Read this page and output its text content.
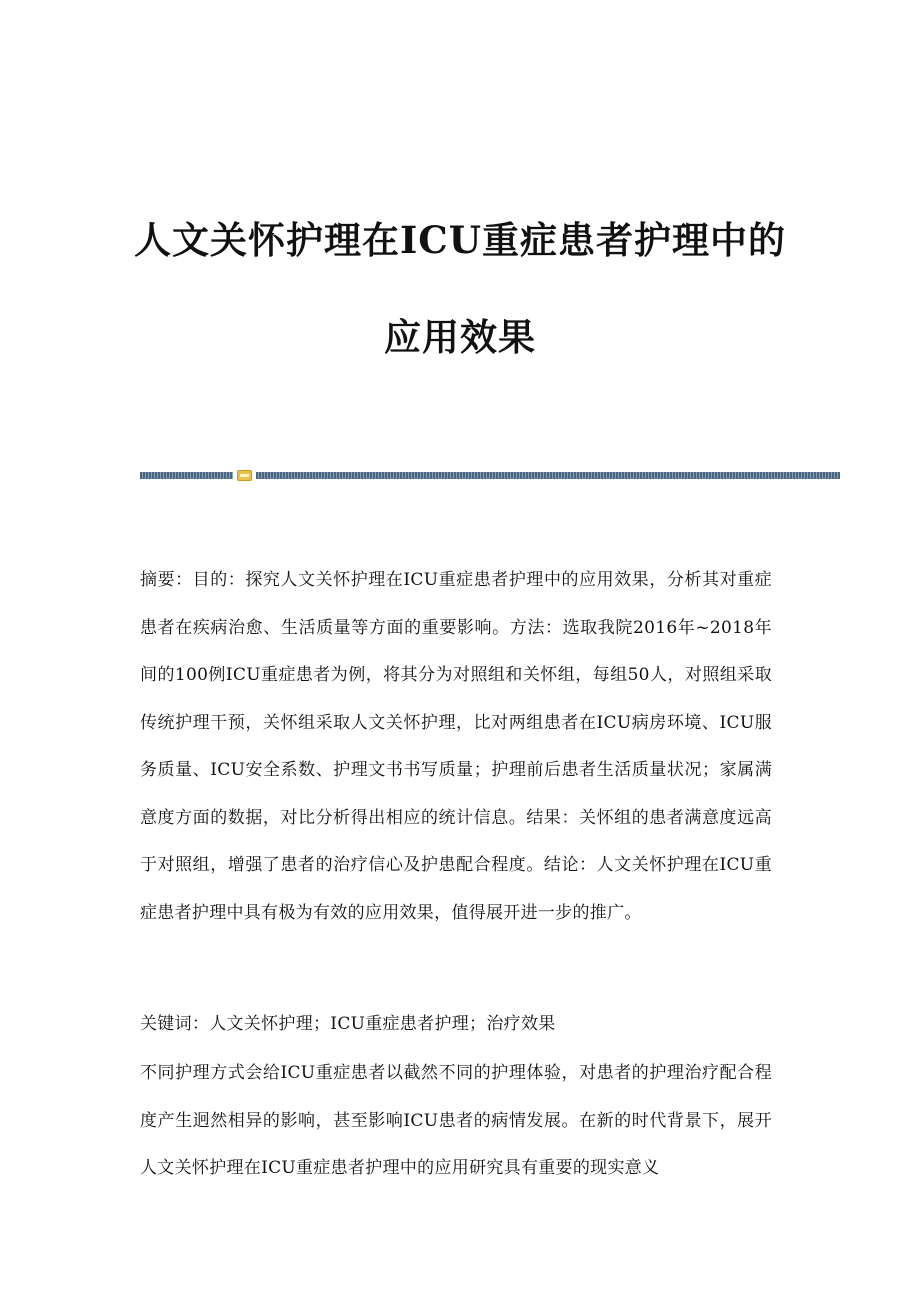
人文关怀护理在ICU重症患者护理中的
应用效果

摘要：目的：探究人文关怀护理在ICU重症患者护理中的应用效果，分析其对重症患者在疾病治愈、生活质量等方面的重要影响。方法：选取我院2016年~2018年间的100例ICU重症患者为例，将其分为对照组和关怀组，每组50人，对照组采取传统护理干预，关怀组采取人文关怀护理，比对两组患者在ICU病房环境、ICU服务质量、ICU安全系数、护理文书书写质量；护理前后患者生活质量状况；家属满意度方面的数据，对比分析得出相应的统计信息。结果：关怀组的患者满意度远高于对照组，增强了患者的治疗信心及护患配合程度。结论：人文关怀护理在ICU重症患者护理中具有极为有效的应用效果，值得展开进一步的推广。

关键词：人文关怀护理；ICU重症患者护理；治疗效果

不同护理方式会给ICU重症患者以截然不同的护理体验，对患者的护理治疗配合程度产生迥然相异的影响，甚至影响ICU患者的病情发展。在新的时代背景下，展开人文关怀护理在ICU重症患者护理中的应用研究具有重要的现实意义
